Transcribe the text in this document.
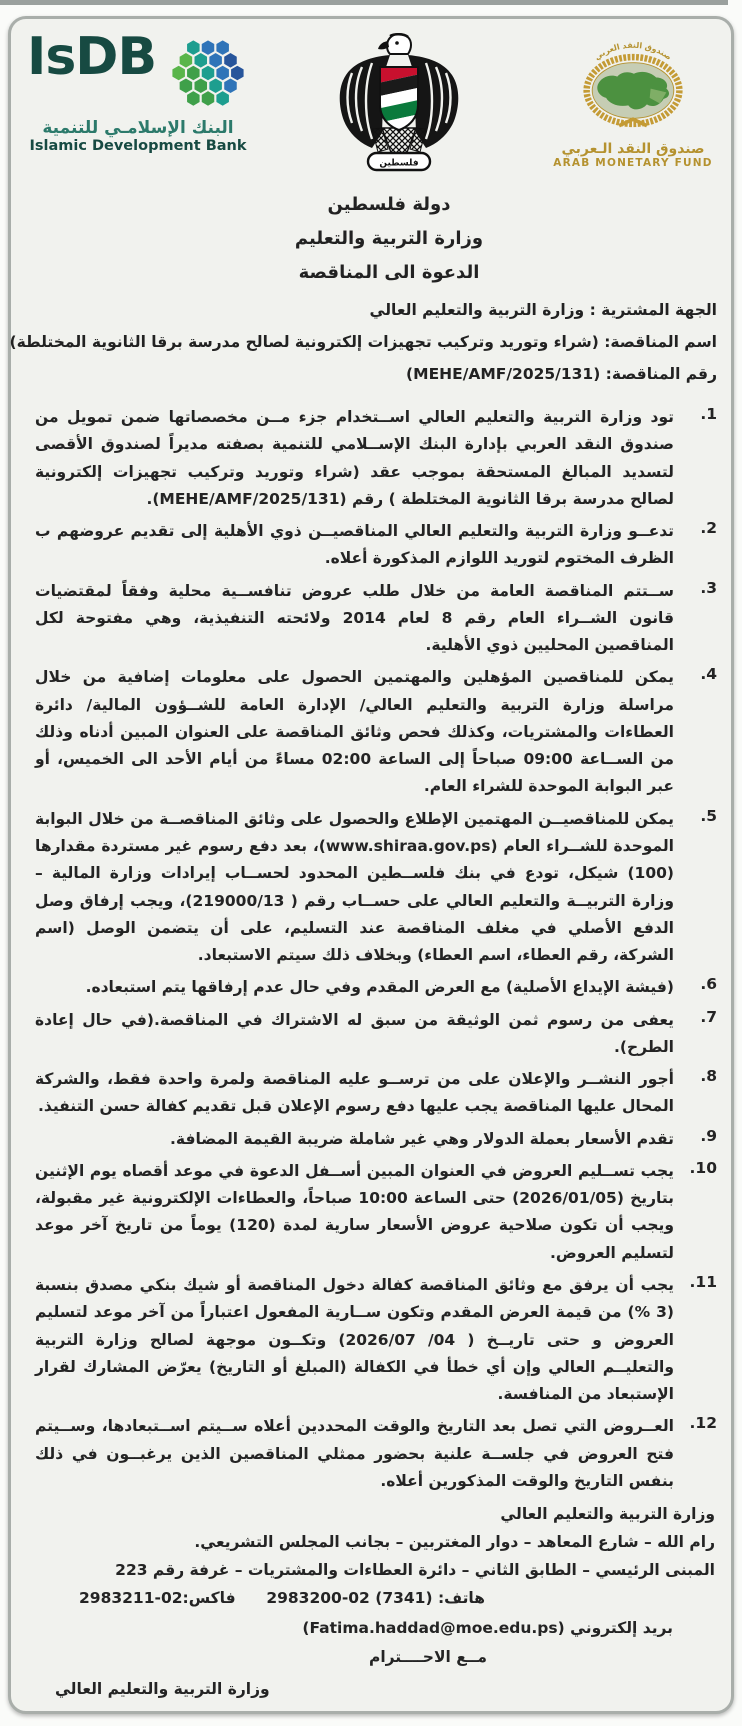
IsDB
البنك الإسلامـي للتنمية
Islamic Development Bank
فلسطين
صندوق النقد العربي
صندوق النقد الـعربي
ARAB MONETARY FUND
دولة فلسطين
وزارة التربية والتعليم
الدعوة الى المناقصة
الجهة المشترية : وزارة التربية والتعليم العالي
اسم المناقصة: (شراء وتوريد وتركيب تجهيزات إلكترونية لصالح مدرسة برقا الثانوية المختلطة)
رقم المناقصة: (MEHE/AMF/2025/131)
1.
تود وزارة التربية والتعليم العالي اســتخدام جزء مــن مخصصاتها ضمن تمويل من صندوق النقد العربي بإدارة البنك الإســلامي للتنمية بصفته مديراً لصندوق الأقصى لتسديد المبالغ المستحقة بموجب عقد (شراء وتوريد وتركيب تجهيزات إلكترونية لصالح مدرسة برقا الثانوية المختلطة ) رقم (MEHE/AMF/2025/131).
2.
تدعــو وزارة التربية والتعليم العالي المناقصيــن ذوي الأهلية إلى تقديم عروضهم ب الظرف المختوم لتوريد اللوازم المذكورة أعلاه.
3.
ســتتم المناقصة العامة من خلال طلب عروض تنافســية محلية وفقاً لمقتضيات قانون الشــراء العام رقم 8 لعام 2014 ولائحته التنفيذية، وهي مفتوحة لكل المناقصين المحليين ذوي الأهلية.
4.
يمكن للمناقصين المؤهلين والمهتمين الحصول على معلومات إضافية من خلال مراسلة وزارة التربية والتعليم العالي/ الإدارة العامة للشــؤون المالية/ دائرة العطاءات والمشتريات، وكذلك فحص وثائق المناقصة على العنوان المبين أدناه وذلك من الســاعة 09:00 صباحاً إلى الساعة 02:00 مساءً من أيام الأحد الى الخميس، أو عبر البوابة الموحدة للشراء العام.
5.
يمكن للمناقصيــن المهتمين الإطلاع والحصول على وثائق المناقصــة من خلال البوابة الموحدة للشــراء العام (www.shiraa.gov.ps)، بعد دفع رسوم غير مستردة مقدارها (100) شيكل، تودع في بنك فلســطين المحدود لحســاب إيرادات وزارة المالية – وزارة التربيــة والتعليم العالي على حســاب رقم ( 219000/13)، ويجب إرفاق وصل الدفع الأصلي في مغلف المناقصة عند التسليم، على أن يتضمن الوصل (اسم الشركة، رقم العطاء، اسم العطاء) وبخلاف ذلك سيتم الاستبعاد.
6.
(فيشة الإيداع الأصلية) مع العرض المقدم وفي حال عدم إرفاقها يتم استبعاده.
7.
يعفى من رسوم ثمن الوثيقة من سبق له الاشتراك في المناقصة.(في حال إعادة الطرح).
8.
أجور النشــر والإعلان على من ترســو عليه المناقصة ولمرة واحدة فقط، والشركة المحال عليها المناقصة يجب عليها دفع رسوم الإعلان قبل تقديم كفالة حسن التنفيذ.
9.
تقدم الأسعار بعملة الدولار وهي غير شاملة ضريبة القيمة المضافة.
10.
يجب تســليم العروض في العنوان المبين أســفل الدعوة في موعد أقصاه يوم الإثنين بتاريخ (2026/01/05) حتى الساعة 10:00 صباحاً، والعطاءات الإلكترونية غير مقبولة، ويجب أن تكون صلاحية عروض الأسعار سارية لمدة (120) يوماً من تاريخ آخر موعد لتسليم العروض.
11.
يجب أن يرفق مع وثائق المناقصة كفالة دخول المناقصة أو شيك بنكي مصدق بنسبة (3 %) من قيمة العرض المقدم وتكون ســارية المفعول اعتباراً من آخر موعد لتسليم العروض و حتى تاريــخ ( 04/ 2026/07) وتكــون موجهة لصالح وزارة التربية والتعليــم العالي وإن أي خطأ في الكفالة (المبلغ أو التاريخ) يعرّض المشارك لقرار الإستبعاد من المنافسة.
12.
العــروض التي تصل بعد التاريخ والوقت المحددين أعلاه ســيتم اســتبعادها، وســيتم فتح العروض في جلســة علنية بحضور ممثلي المناقصين الذين يرغبــون في ذلك بنفس التاريخ والوقت المذكورين أعلاه.
وزارة التربية والتعليم العالي
رام الله – شارع المعاهد – دوار المغتربين – بجانب المجلس التشريعي.
المبنى الرئيسي – الطابق الثاني – دائرة العطاءات والمشتريات – غرفة رقم 223
هاتف: (7341) 02-2983200
فاكس:02-2983211
بريد إلكتروني (Fatima.haddad@moe.edu.ps)
مــع الاحــــترام
وزارة التربية والتعليم العالي
